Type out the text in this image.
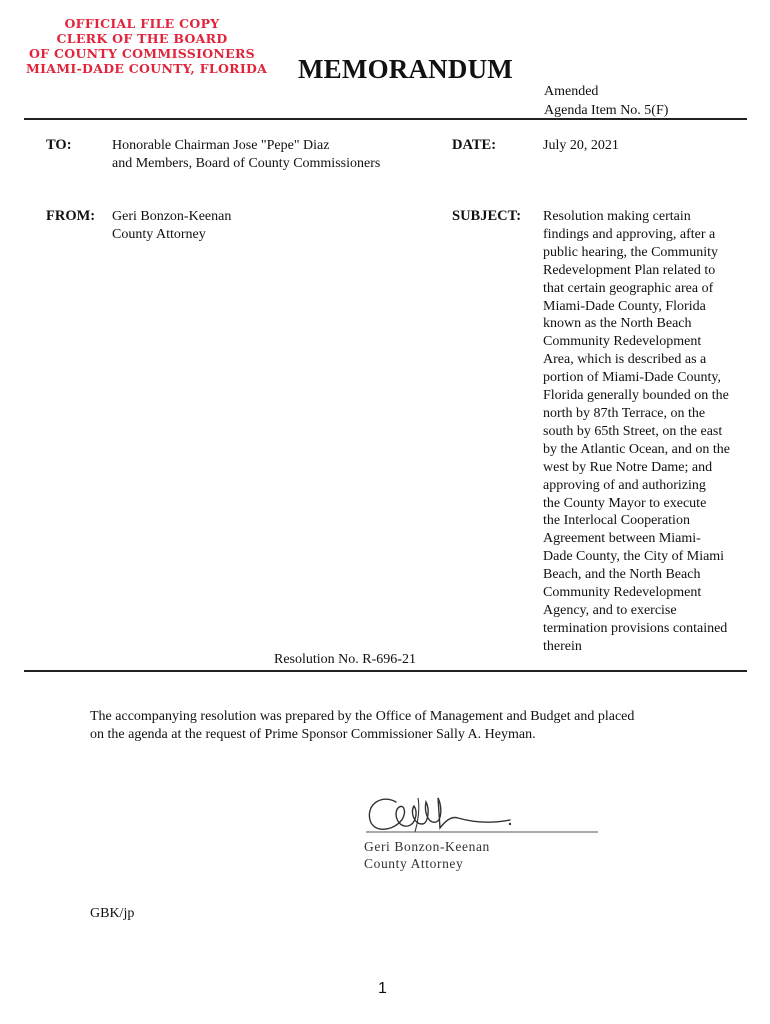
OFFICIAL FILE COPY
CLERK OF THE BOARD
OF COUNTY COMMISSIONERS
MIAMI-DADE COUNTY, FLORIDA MEMORANDUM
Amended
Agenda Item No. 5(F)
TO:	Honorable Chairman Jose "Pepe" Diaz
and Members, Board of County Commissioners
DATE:	July 20, 2021
FROM: Geri Bonzon-Keenan
County Attorney
SUBJECT: Resolution making certain
findings and approving, after a
public hearing, the Community
Redevelopment Plan related to
that certain geographic area of
Miami-Dade County, Florida
known as the North Beach
Community Redevelopment
Area, which is described as a
portion of Miami-Dade County,
Florida generally bounded on the
north by 87th Terrace, on the
south by 65th Street, on the east
by the Atlantic Ocean, and on the
west by Rue Notre Dame; and
approving of and authorizing
the County Mayor to execute
the Interlocal Cooperation
Agreement between Miami-
Dade County, the City of Miami
Beach, and the North Beach
Community Redevelopment
Agency, and to exercise
termination provisions contained
therein
Resolution No. R-696-21
The accompanying resolution was prepared by the Office of Management and Budget and placed
on the agenda at the request of Prime Sponsor Commissioner Sally A. Heyman.
Geri Bonzon-Keenan
County Attorney
GBK/jp
1
